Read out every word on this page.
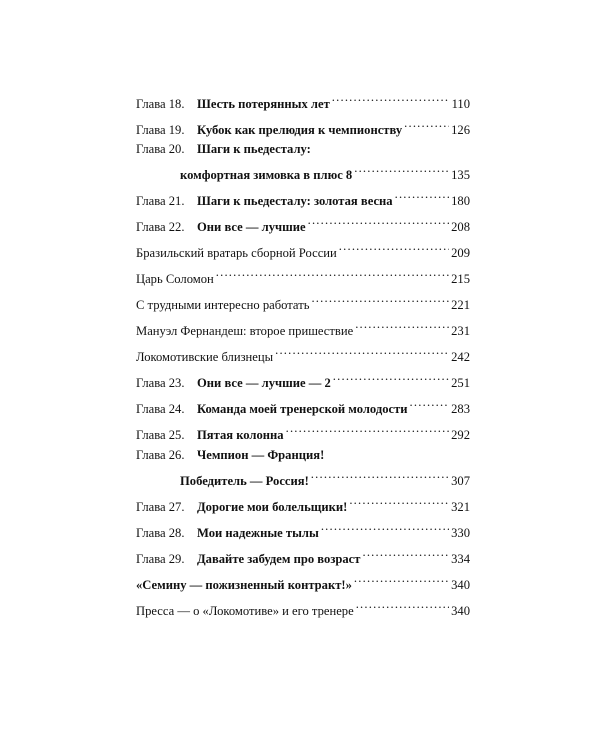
Глава 18. Шесть потерянных лет .....	110
Глава 19. Кубок как прелюдия к чемпионству .....	126
Глава 20. Шаги к пьедесталу:
комфортная зимовка в плюс 8 .....	135
Глава 21. Шаги к пьедесталу: золотая весна .....	180
Глава 22. Они все — лучшие .....	208
Бразильский вратарь сборной России .....	209
Царь Соломон .....	215
С трудными интересно работать .....	221
Мануэл Фернандеш: второе пришествие .....	231
Локомотивские близнецы .....	242
Глава 23. Они все — лучшие — 2 .....	251
Глава 24. Команда моей тренерской молодости .....	283
Глава 25. Пятая колонна .....	292
Глава 26. Чемпион — Франция!
Победитель — Россия! .....	307
Глава 27. Дорогие мои болельщики! .....	321
Глава 28. Мои надежные тылы .....	330
Глава 29. Давайте забудем про возраст .....	334
«Семину — пожизненный контракт!» .....	340
Пресса — о «Локомотиве» и его тренере .....	340
